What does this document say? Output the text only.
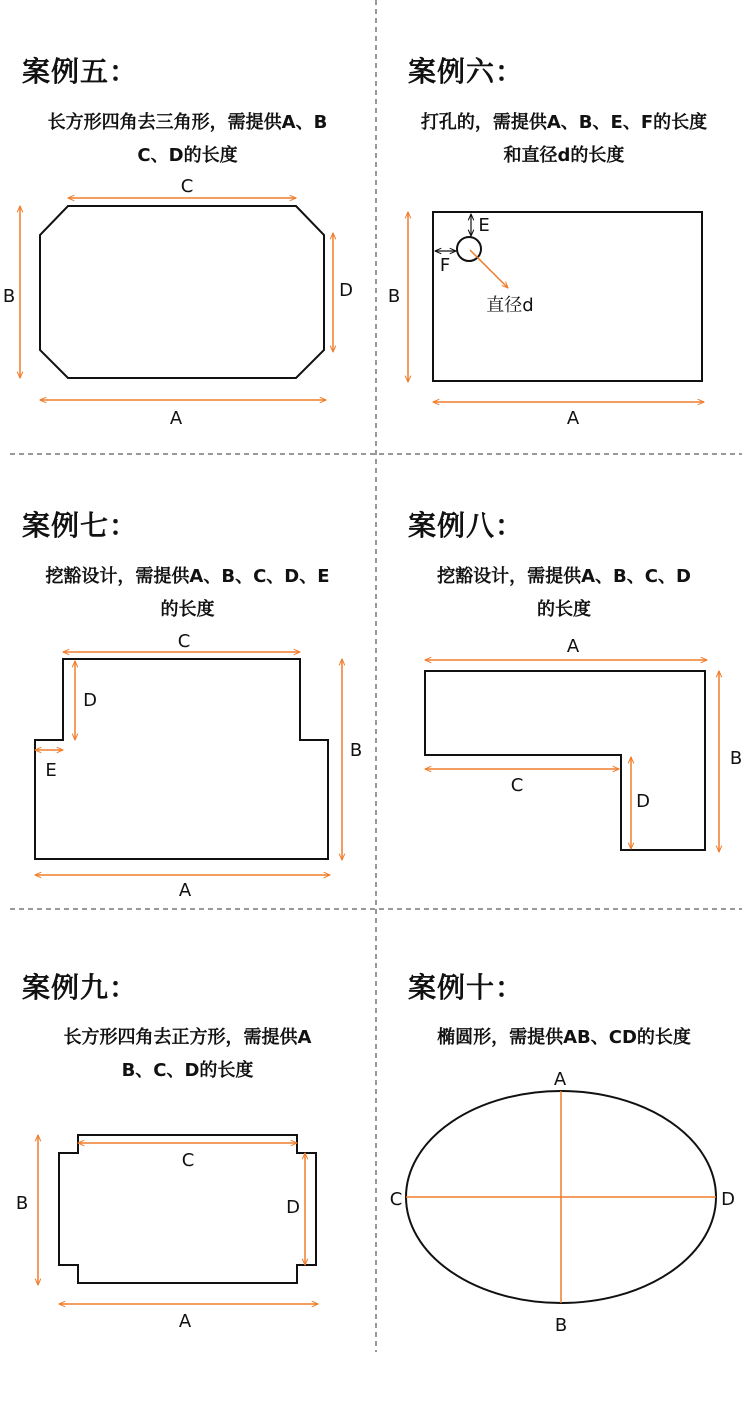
案例五：	案例六：
案例七：	案例八：
案例九：	案例十：
长方形四角去三角形，需提供A、B
C、D的长度
打孔的，需提供A、B、E、F的长度
和直径d的长度
挖豁设计，需提供A、B、C、D、E
的长度
挖豁设计，需提供A、B、C、D
的长度
长方形四角去正方形，需提供A
B、C、D的长度
椭圆形，需提供AB、CD的长度
C
B	D
A
E
F
直径d
B
A
C
D
E
B
A
A
C
D
B
C
D
B
A
A
B
C	D
